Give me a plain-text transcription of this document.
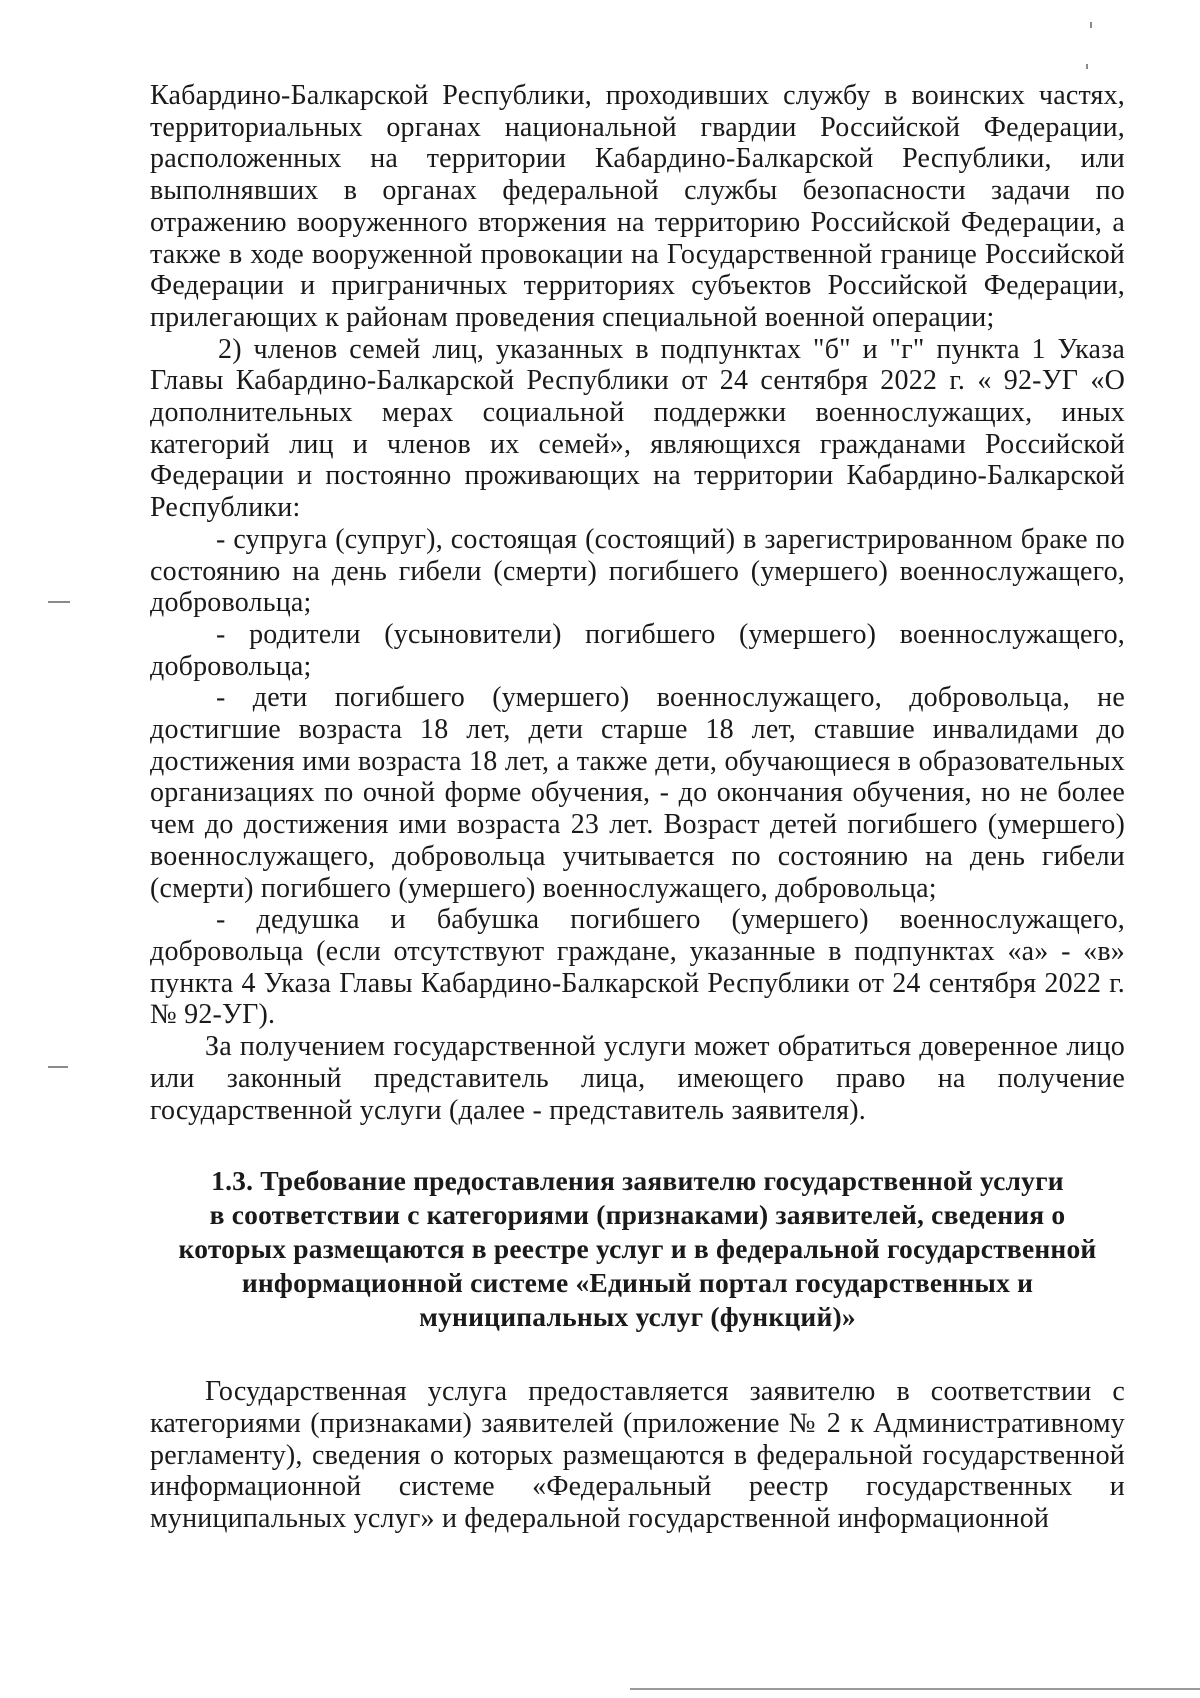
Кабардино-Балкарской Республики, проходивших службу в воинских частях, территориальных органах национальной гвардии Российской Федерации, расположенных на территории Кабардино-Балкарской Республики, или выполнявших в органах федеральной службы безопасности задачи по отражению вооруженного вторжения на территорию Российской Федерации, а также в ходе вооруженной провокации на Государственной границе Российской Федерации и приграничных территориях субъектов Российской Федерации, прилегающих к районам проведения специальной военной операции;

2) членов семей лиц, указанных в подпунктах "б" и "г" пункта 1 Указа Главы Кабардино-Балкарской Республики от 24 сентября 2022 г. « 92-УГ «О дополнительных мерах социальной поддержки военнослужащих, иных категорий лиц и членов их семей», являющихся гражданами Российской Федерации и постоянно проживающих на территории Кабардино-Балкарской Республики:

- супруга (супруг), состоящая (состоящий) в зарегистрированном браке по состоянию на день гибели (смерти) погибшего (умершего) военнослужащего, добровольца;

- родители (усыновители) погибшего (умершего) военнослужащего, добровольца;

- дети погибшего (умершего) военнослужащего, добровольца, не достигшие возраста 18 лет, дети старше 18 лет, ставшие инвалидами до достижения ими возраста 18 лет, а также дети, обучающиеся в образовательных организациях по очной форме обучения, - до окончания обучения, но не более чем до достижения ими возраста 23 лет. Возраст детей погибшего (умершего) военнослужащего, добровольца учитывается по состоянию на день гибели (смерти) погибшего (умершего) военнослужащего, добровольца;

- дедушка и бабушка погибшего (умершего) военнослужащего, добровольца (если отсутствуют граждане, указанные в подпунктах «а» - «в» пункта 4 Указа Главы Кабардино-Балкарской Республики от 24 сентября 2022 г. № 92-УГ).

За получением государственной услуги может обратиться доверенное лицо или законный представитель лица, имеющего право на получение государственной услуги (далее - представитель заявителя).

1.3. Требование предоставления заявителю государственной услуги
в соответствии с категориями (признаками) заявителей, сведения о
которых размещаются в реестре услуг и в федеральной государственной
информационной системе «Единый портал государственных и
муниципальных услуг (функций)»

Государственная услуга предоставляется заявителю в соответствии с категориями (признаками) заявителей (приложение № 2 к Административному регламенту), сведения о которых размещаются в федеральной государственной информационной системе «Федеральный реестр государственных и муниципальных услуг» и федеральной государственной информационной
